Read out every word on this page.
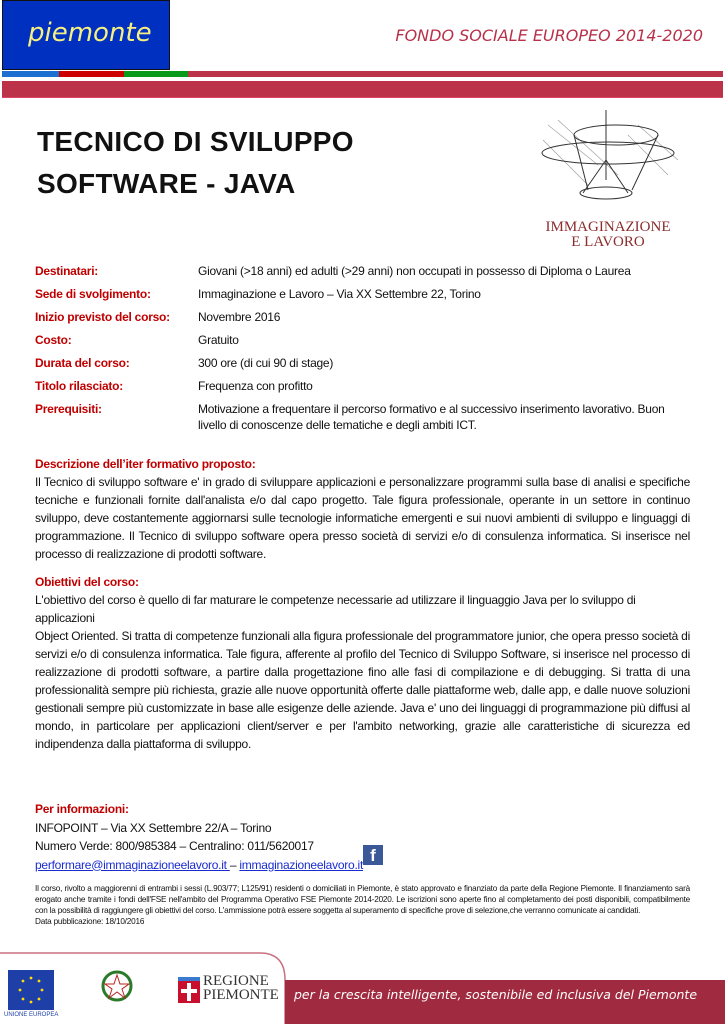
piemonte	FONDO SOCIALE EUROPEO 2014-2020
TECNICO DI SVILUPPO
SOFTWARE - JAVA
IMMAGINAZIONE
E LAVORO
Destinatari:	Giovani (>18 anni) ed adulti (>29 anni) non occupati in possesso di Diploma o Laurea
Sede di svolgimento:	Immaginazione e Lavoro – Via XX Settembre 22, Torino
Inizio previsto del corso: Novembre 2016
Costo:	Gratuito
Durata del corso:	300 ore (di cui 90 di stage)
Titolo rilasciato:	Frequenza con profitto
Prerequisiti:	Motivazione a frequentare il percorso formativo e al successivo inserimento lavorativo. Buon livello di conoscenze delle tematiche e degli ambiti ICT.
Descrizione dell’iter formativo proposto:
Il Tecnico di sviluppo software e' in grado di sviluppare applicazioni e personalizzare programmi sulla base di analisi e specifiche tecniche e funzionali fornite dall'analista e/o dal capo progetto. Tale figura professionale, operante in un settore in continuo sviluppo, deve costantemente aggiornarsi sulle tecnologie informatiche emergenti e sui nuovi ambienti di sviluppo e linguaggi di programmazione. Il Tecnico di sviluppo software opera presso società di servizi e/o di consulenza informatica. Si inserisce nel processo di realizzazione di prodotti software.
Obiettivi del corso:
L'obiettivo del corso è quello di far maturare le competenze necessarie ad utilizzare il linguaggio Java per lo sviluppo di applicazioni
Object Oriented. Si tratta di competenze funzionali alla figura professionale del programmatore junior, che opera presso società di servizi e/o di consulenza informatica. Tale figura, afferente al profilo del Tecnico di Sviluppo Software, si inserisce nel processo di realizzazione di prodotti software, a partire dalla progettazione fino alle fasi di compilazione e di debugging. Si tratta di una professionalità sempre più richiesta, grazie alle nuove opportunità offerte dalle piattaforme web, dalle app, e dalle nuove soluzioni gestionali sempre più customizzate in base alle esigenze delle aziende. Java e' uno dei linguaggi di programmazione più diffusi al mondo, in particolare per applicazioni client/server e per l'ambito networking, grazie alle caratteristiche di sicurezza ed indipendenza dalla piattaforma di sviluppo.
Per informazioni:
INFOPOINT – Via XX Settembre 22/A – Torino
Numero Verde: 800/985384 – Centralino: 011/5620017
performare@immaginazioneelavoro.it – immaginazioneelavoro.it f
Il corso, rivolto a maggiorenni di entrambi i sessi (L.903/77; L125/91) residenti o domiciliati in Piemonte, è stato approvato e finanziato da parte della Regione Piemonte. Il finanziamento sarà erogato anche tramite i fondi dell'FSE nell'ambito del Programma Operativo FSE Piemonte 2014-2020. Le iscrizioni sono aperte fino al completamento dei posti disponibili, compatibilmente con la possibilità di raggiungere gli obiettivi del corso. L'ammissione potrà essere soggetta al superamento di specifiche prove di selezione,che verranno comunicate ai candidati.
Data pubblicazione: 18/10/2016
per la crescita intelligente, sostenibile ed inclusiva del Piemonte
UNIONE EUROPEA
REGIONE
PIEMONTE
